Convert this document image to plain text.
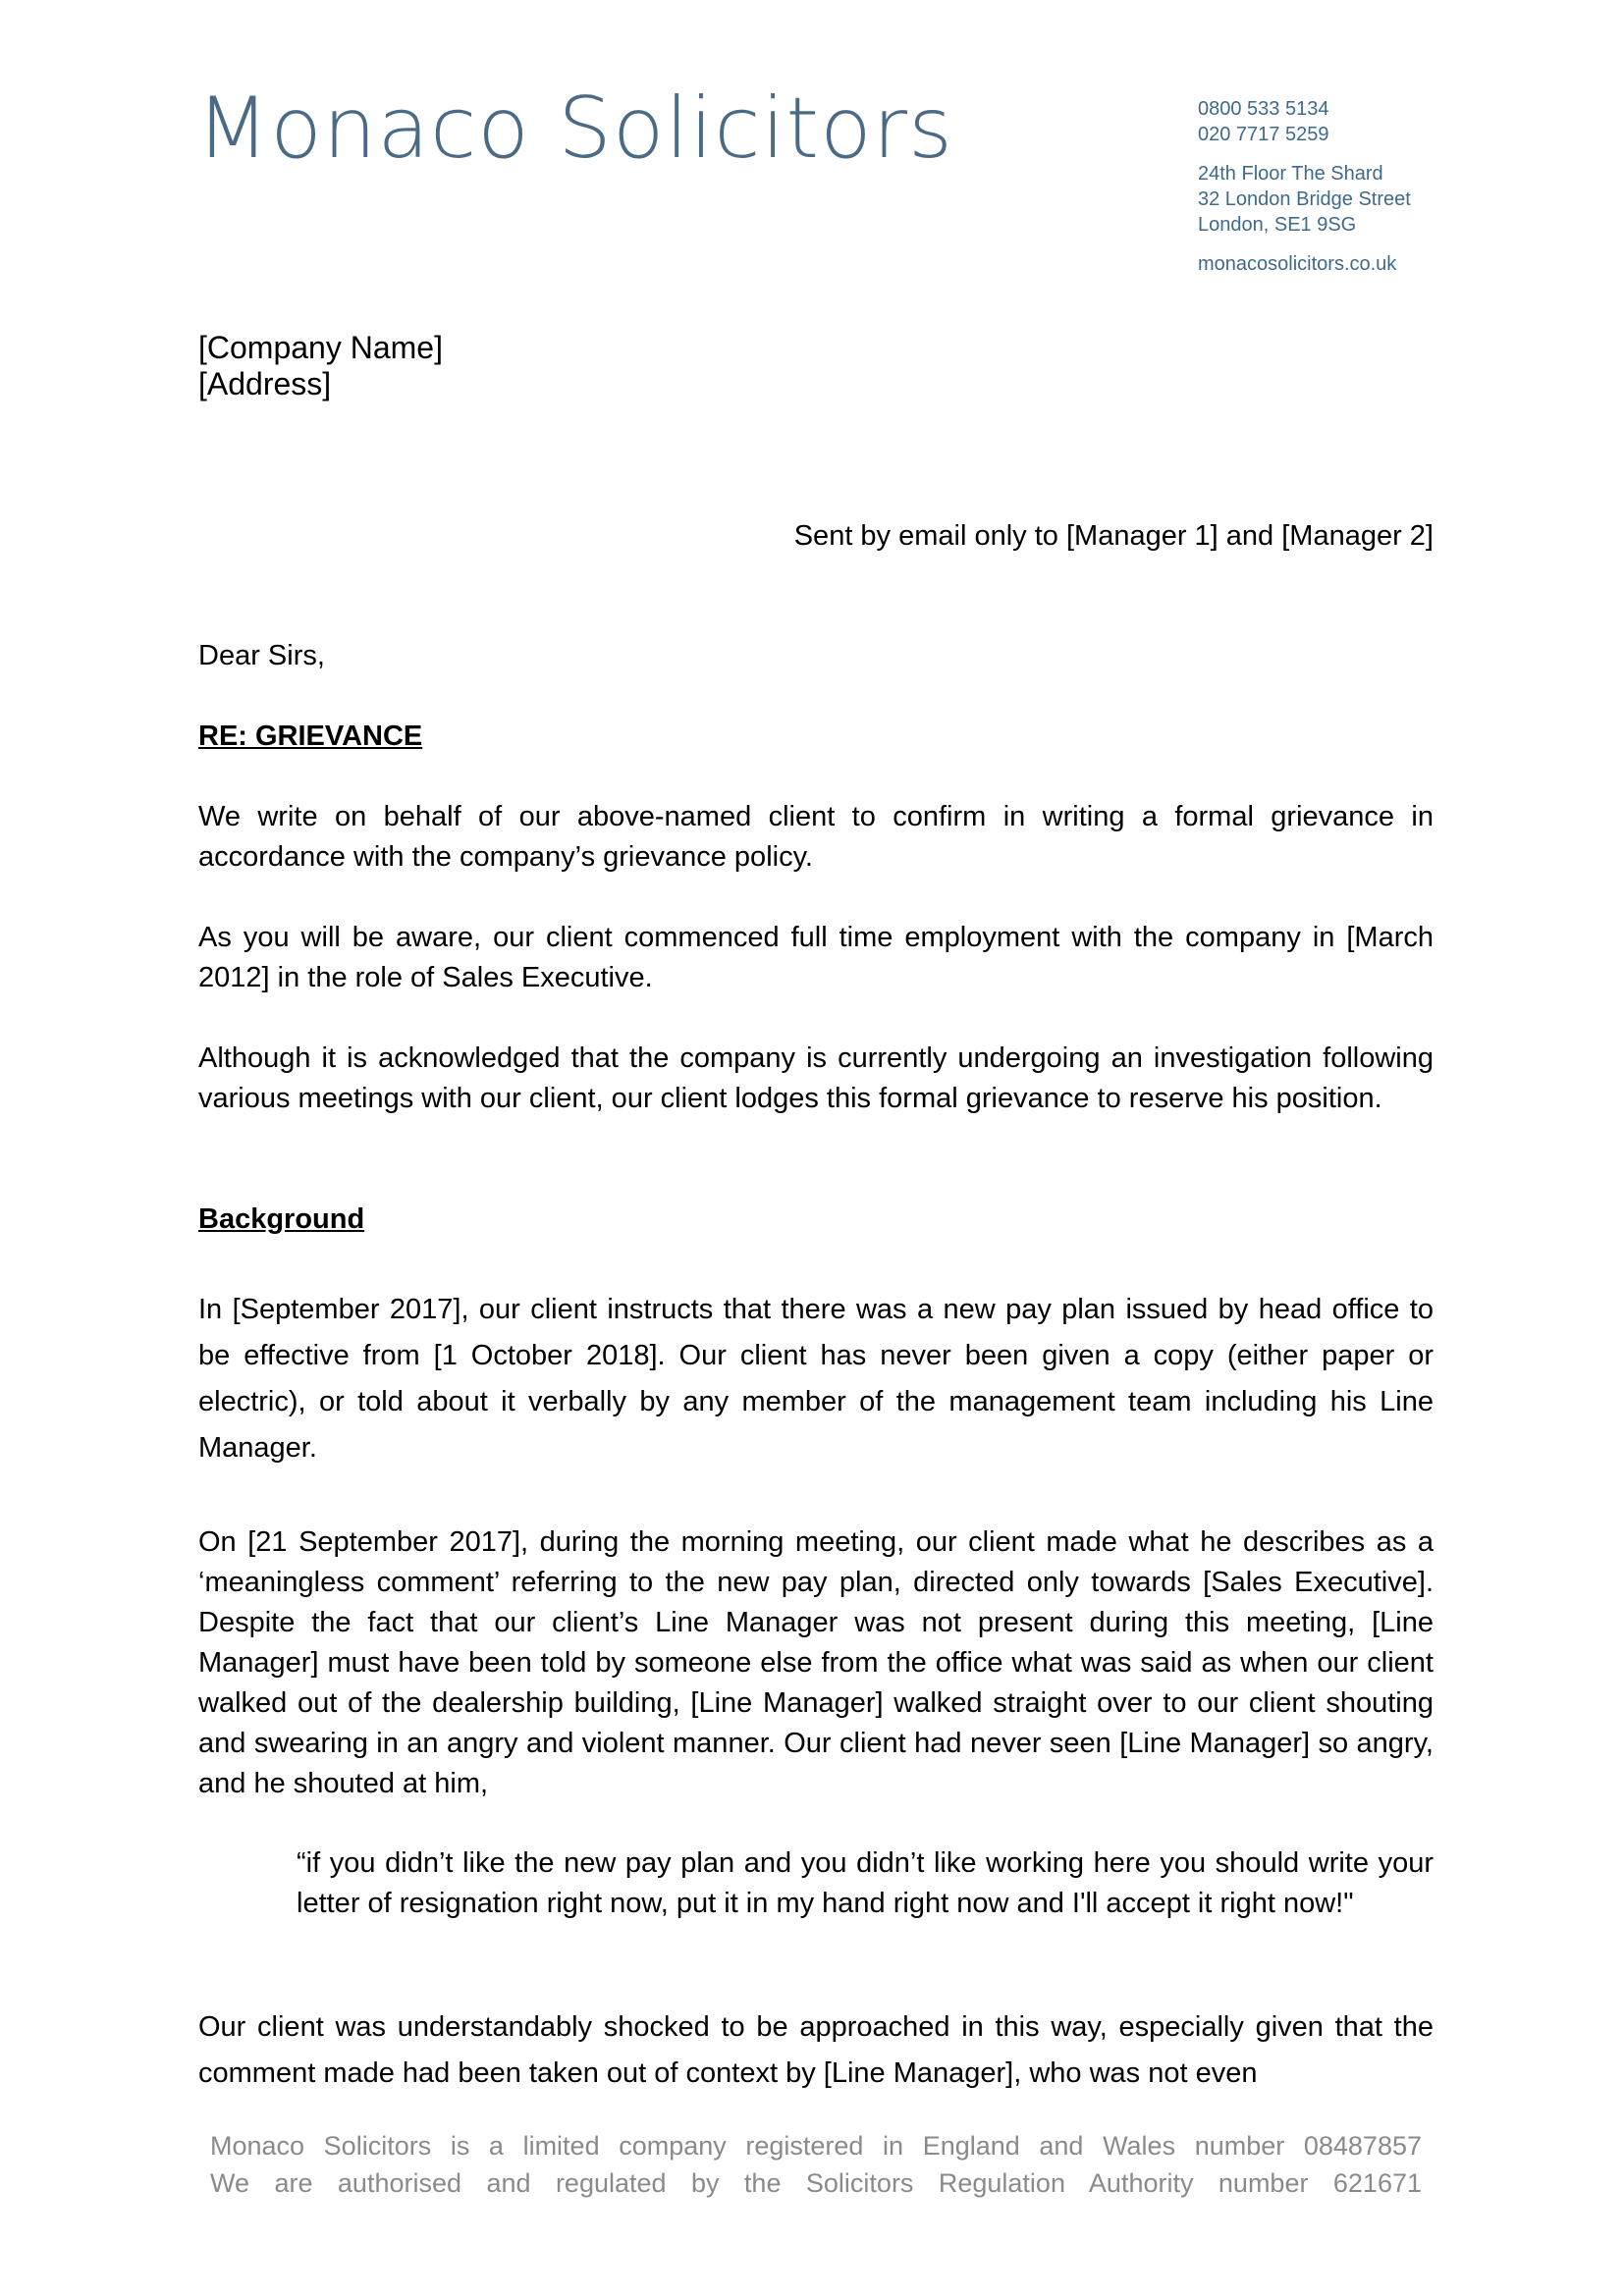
Monaco Solicitors	0800 533 5134
020 7717 5259
24th Floor The Shard
32 London Bridge Street
London, SE1 9SG
monacosolicitors.co.uk
[Company Name]
[Address]

Sent by email only to [Manager 1] and [Manager 2]

Dear Sirs,

RE: GRIEVANCE

We write on behalf of our above-named client to confirm in writing a formal grievance in accordance with the company’s grievance policy.

As you will be aware, our client commenced full time employment with the company in [March 2012] in the role of Sales Executive.

Although it is acknowledged that the company is currently undergoing an investigation following various meetings with our client, our client lodges this formal grievance to reserve his position.

Background

In [September 2017], our client instructs that there was a new pay plan issued by head office to be effective from [1 October 2018]. Our client has never been given a copy (either paper or electric), or told about it verbally by any member of the management team including his Line Manager.

On [21 September 2017], during the morning meeting, our client made what he describes as a ‘meaningless comment’ referring to the new pay plan, directed only towards [Sales Executive]. Despite the fact that our client’s Line Manager was not present during this meeting, [Line Manager] must have been told by someone else from the office what was said as when our client walked out of the dealership building, [Line Manager] walked straight over to our client shouting and swearing in an angry and violent manner. Our client had never seen [Line Manager] so angry, and he shouted at him,

“if you didn’t like the new pay plan and you didn’t like working here you should write your letter of resignation right now, put it in my hand right now and I'll accept it right now!"

Our client was understandably shocked to be approached in this way, especially given that the comment made had been taken out of context by [Line Manager], who was not even

Monaco Solicitors is a limited company registered in England and Wales number 08487857
We are authorised and regulated by the Solicitors Regulation Authority number 621671
